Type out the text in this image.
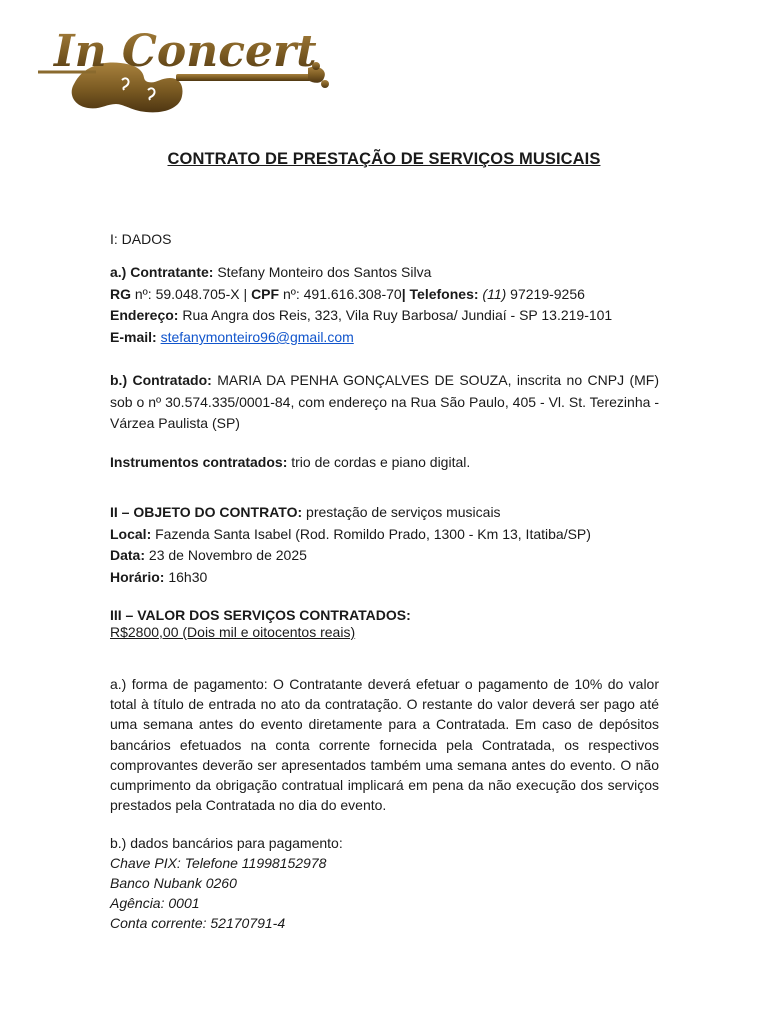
In Concert
MUSICA PARA EVENTOS
CONTRATO DE PRESTAÇÃO DE SERVIÇOS MUSICAIS
I: DADOS
a.) Contratante: Stefany Monteiro dos Santos Silva
RG nº: 59.048.705-X | CPF nº: 491.616.308-70| Telefones: (11) 97219-9256
Endereço: Rua Angra dos Reis, 323, Vila Ruy Barbosa/ Jundiaí - SP 13.219-101
E-mail: stefanymonteiro96@gmail.com
b.) Contratado: MARIA DA PENHA GONÇALVES DE SOUZA, inscrita no CNPJ (MF) sob o nº 30.574.335/0001-84, com endereço na Rua São Paulo, 405 - Vl. St. Terezinha - Várzea Paulista (SP)
Instrumentos contratados: trio de cordas e piano digital.
II – OBJETO DO CONTRATO: prestação de serviços musicais
Local: Fazenda Santa Isabel (Rod. Romildo Prado, 1300 - Km 13, Itatiba/SP)
Data: 23 de Novembro de 2025
Horário: 16h30
III – VALOR DOS SERVIÇOS CONTRATADOS:
R$2800,00 (Dois mil e oitocentos reais)
a.) forma de pagamento: O Contratante deverá efetuar o pagamento de 10% do valor total à título de entrada no ato da contratação. O restante do valor deverá ser pago até uma semana antes do evento diretamente para a Contratada. Em caso de depósitos bancários efetuados na conta corrente fornecida pela Contratada, os respectivos comprovantes deverão ser apresentados também uma semana antes do evento. O não cumprimento da obrigação contratual implicará em pena da não execução dos serviços prestados pela Contratada no dia do evento.
b.) dados bancários para pagamento:
Chave PIX: Telefone 11998152978
Banco Nubank 0260
Agência: 0001
Conta corrente: 52170791-4
